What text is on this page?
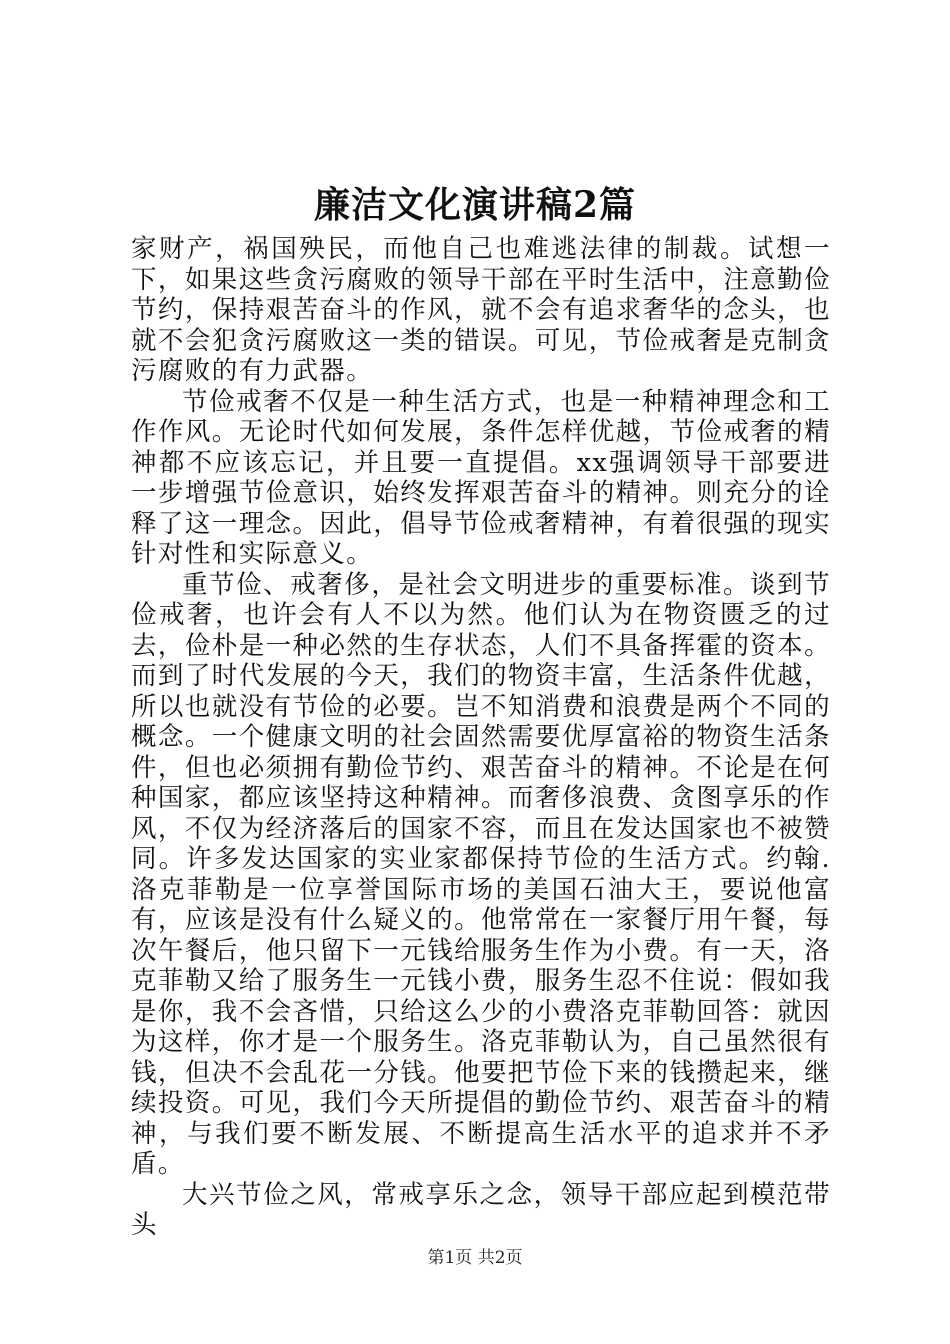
廉洁文化演讲稿2篇

家财产，祸国殃民，而他自己也难逃法律的制裁。试想一下，如果这些贪污腐败的领导干部在平时生活中，注意勤俭节约，保持艰苦奋斗的作风，就不会有追求奢华的念头，也就不会犯贪污腐败这一类的错误。可见，节俭戒奢是克制贪污腐败的有力武器。

节俭戒奢不仅是一种生活方式，也是一种精神理念和工作作风。无论时代如何发展，条件怎样优越，节俭戒奢的精神都不应该忘记，并且要一直提倡。xx强调领导干部要进一步增强节俭意识，始终发挥艰苦奋斗的精神。则充分的诠释了这一理念。因此，倡导节俭戒奢精神，有着很强的现实针对性和实际意义。

重节俭、戒奢侈，是社会文明进步的重要标准。谈到节俭戒奢，也许会有人不以为然。他们认为在物资匮乏的过去，俭朴是一种必然的生存状态，人们不具备挥霍的资本。而到了时代发展的今天，我们的物资丰富，生活条件优越，所以也就没有节俭的必要。岂不知消费和浪费是两个不同的概念。一个健康文明的社会固然需要优厚富裕的物资生活条件，但也必须拥有勤俭节约、艰苦奋斗的精神。不论是在何种国家，都应该坚持这种精神。而奢侈浪费、贪图享乐的作风，不仅为经济落后的国家不容，而且在发达国家也不被赞同。许多发达国家的实业家都保持节俭的生活方式。约翰.洛克菲勒是一位享誉国际市场的美国石油大王，要说他富有，应该是没有什么疑义的。他常常在一家餐厅用午餐，每次午餐后，他只留下一元钱给服务生作为小费。有一天，洛克菲勒又给了服务生一元钱小费，服务生忍不住说：假如我是你，我不会吝惜，只给这么少的小费洛克菲勒回答：就因为这样，你才是一个服务生。洛克菲勒认为，自己虽然很有钱，但决不会乱花一分钱。他要把节俭下来的钱攒起来，继续投资。可见，我们今天所提倡的勤俭节约、艰苦奋斗的精神，与我们要不断发展、不断提高生活水平的追求并不矛盾。

大兴节俭之风，常戒享乐之念，领导干部应起到模范带头

第1页 共2页
